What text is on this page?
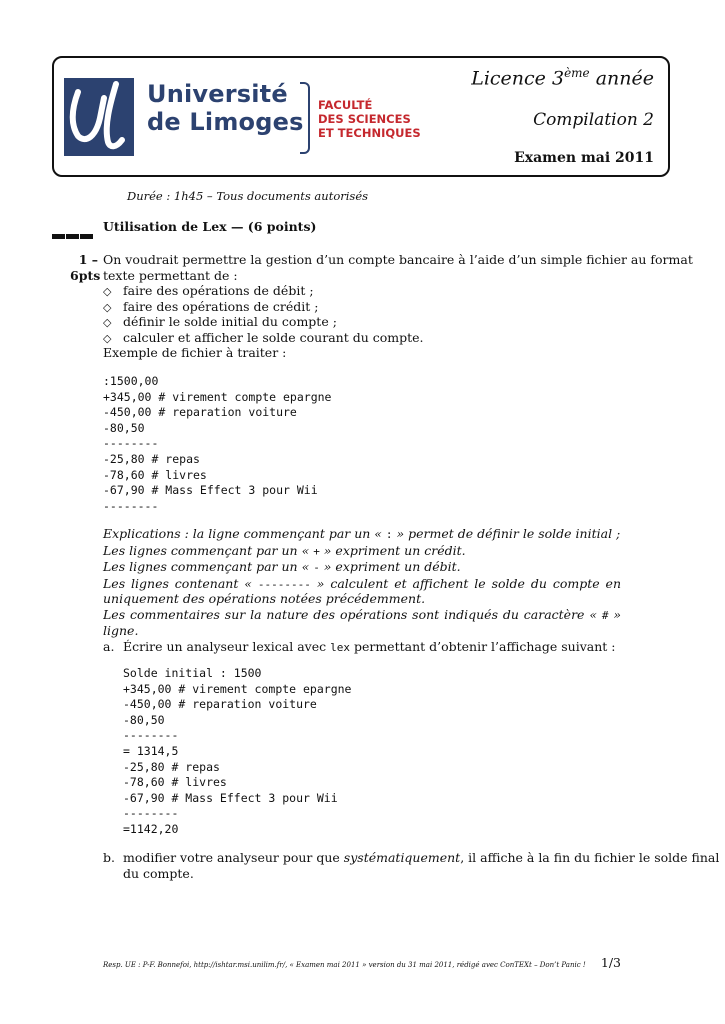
Université
de Limoges
FACULTÉ
DES SCIENCES
ET TECHNIQUES
Licence 3ème année
Compilation 2
Examen mai 2011
Durée : 1h45 – Tous documents autorisés
Utilisation de Lex — (6 points)
1 –
6pts
On voudrait permettre la gestion d’un compte bancaire à l’aide d’un simple fichier au format
texte permettant de :
◇ faire des opérations de débit ;
◇ faire des opérations de crédit ;
◇ définir le solde initial du compte ;
◇ calculer et afficher le solde courant du compte.
Exemple de fichier à traiter :
:1500,00
+345,00 # virement compte epargne
-450,00 # reparation voiture
-80,50
--------
-25,80 # repas
-78,60 # livres
-67,90 # Mass Effect 3 pour Wii
--------
Explications : la ligne commençant par un « : » permet de définir le solde initial ;
Les lignes commençant par un « + » expriment un crédit.
Les lignes commençant par un « - » expriment un débit.
Les lignes contenant « -------- » calculent et affichent le solde du compte en
uniquement des opérations notées précédemment.
Les commentaires sur la nature des opérations sont indiqués du caractère « # »
ligne.
a. Écrire un analyseur lexical avec lex permettant d’obtenir l’affichage suivant :
Solde initial : 1500
+345,00 # virement compte epargne
-450,00 # reparation voiture
-80,50
--------
= 1314,5
-25,80 # repas
-78,60 # livres
-67,90 # Mass Effect 3 pour Wii
--------
=1142,20
b. modifier votre analyseur pour que systématiquement, il affiche à la fin du fichier le solde final
du compte.
Resp. UE : P-F. Bonnefoi, http://ishtar.msi.unilim.fr/, « Examen mai 2011 » version du 31 mai 2011, rédigé avec ConTEXt – Don’t Panic ! 1/3
